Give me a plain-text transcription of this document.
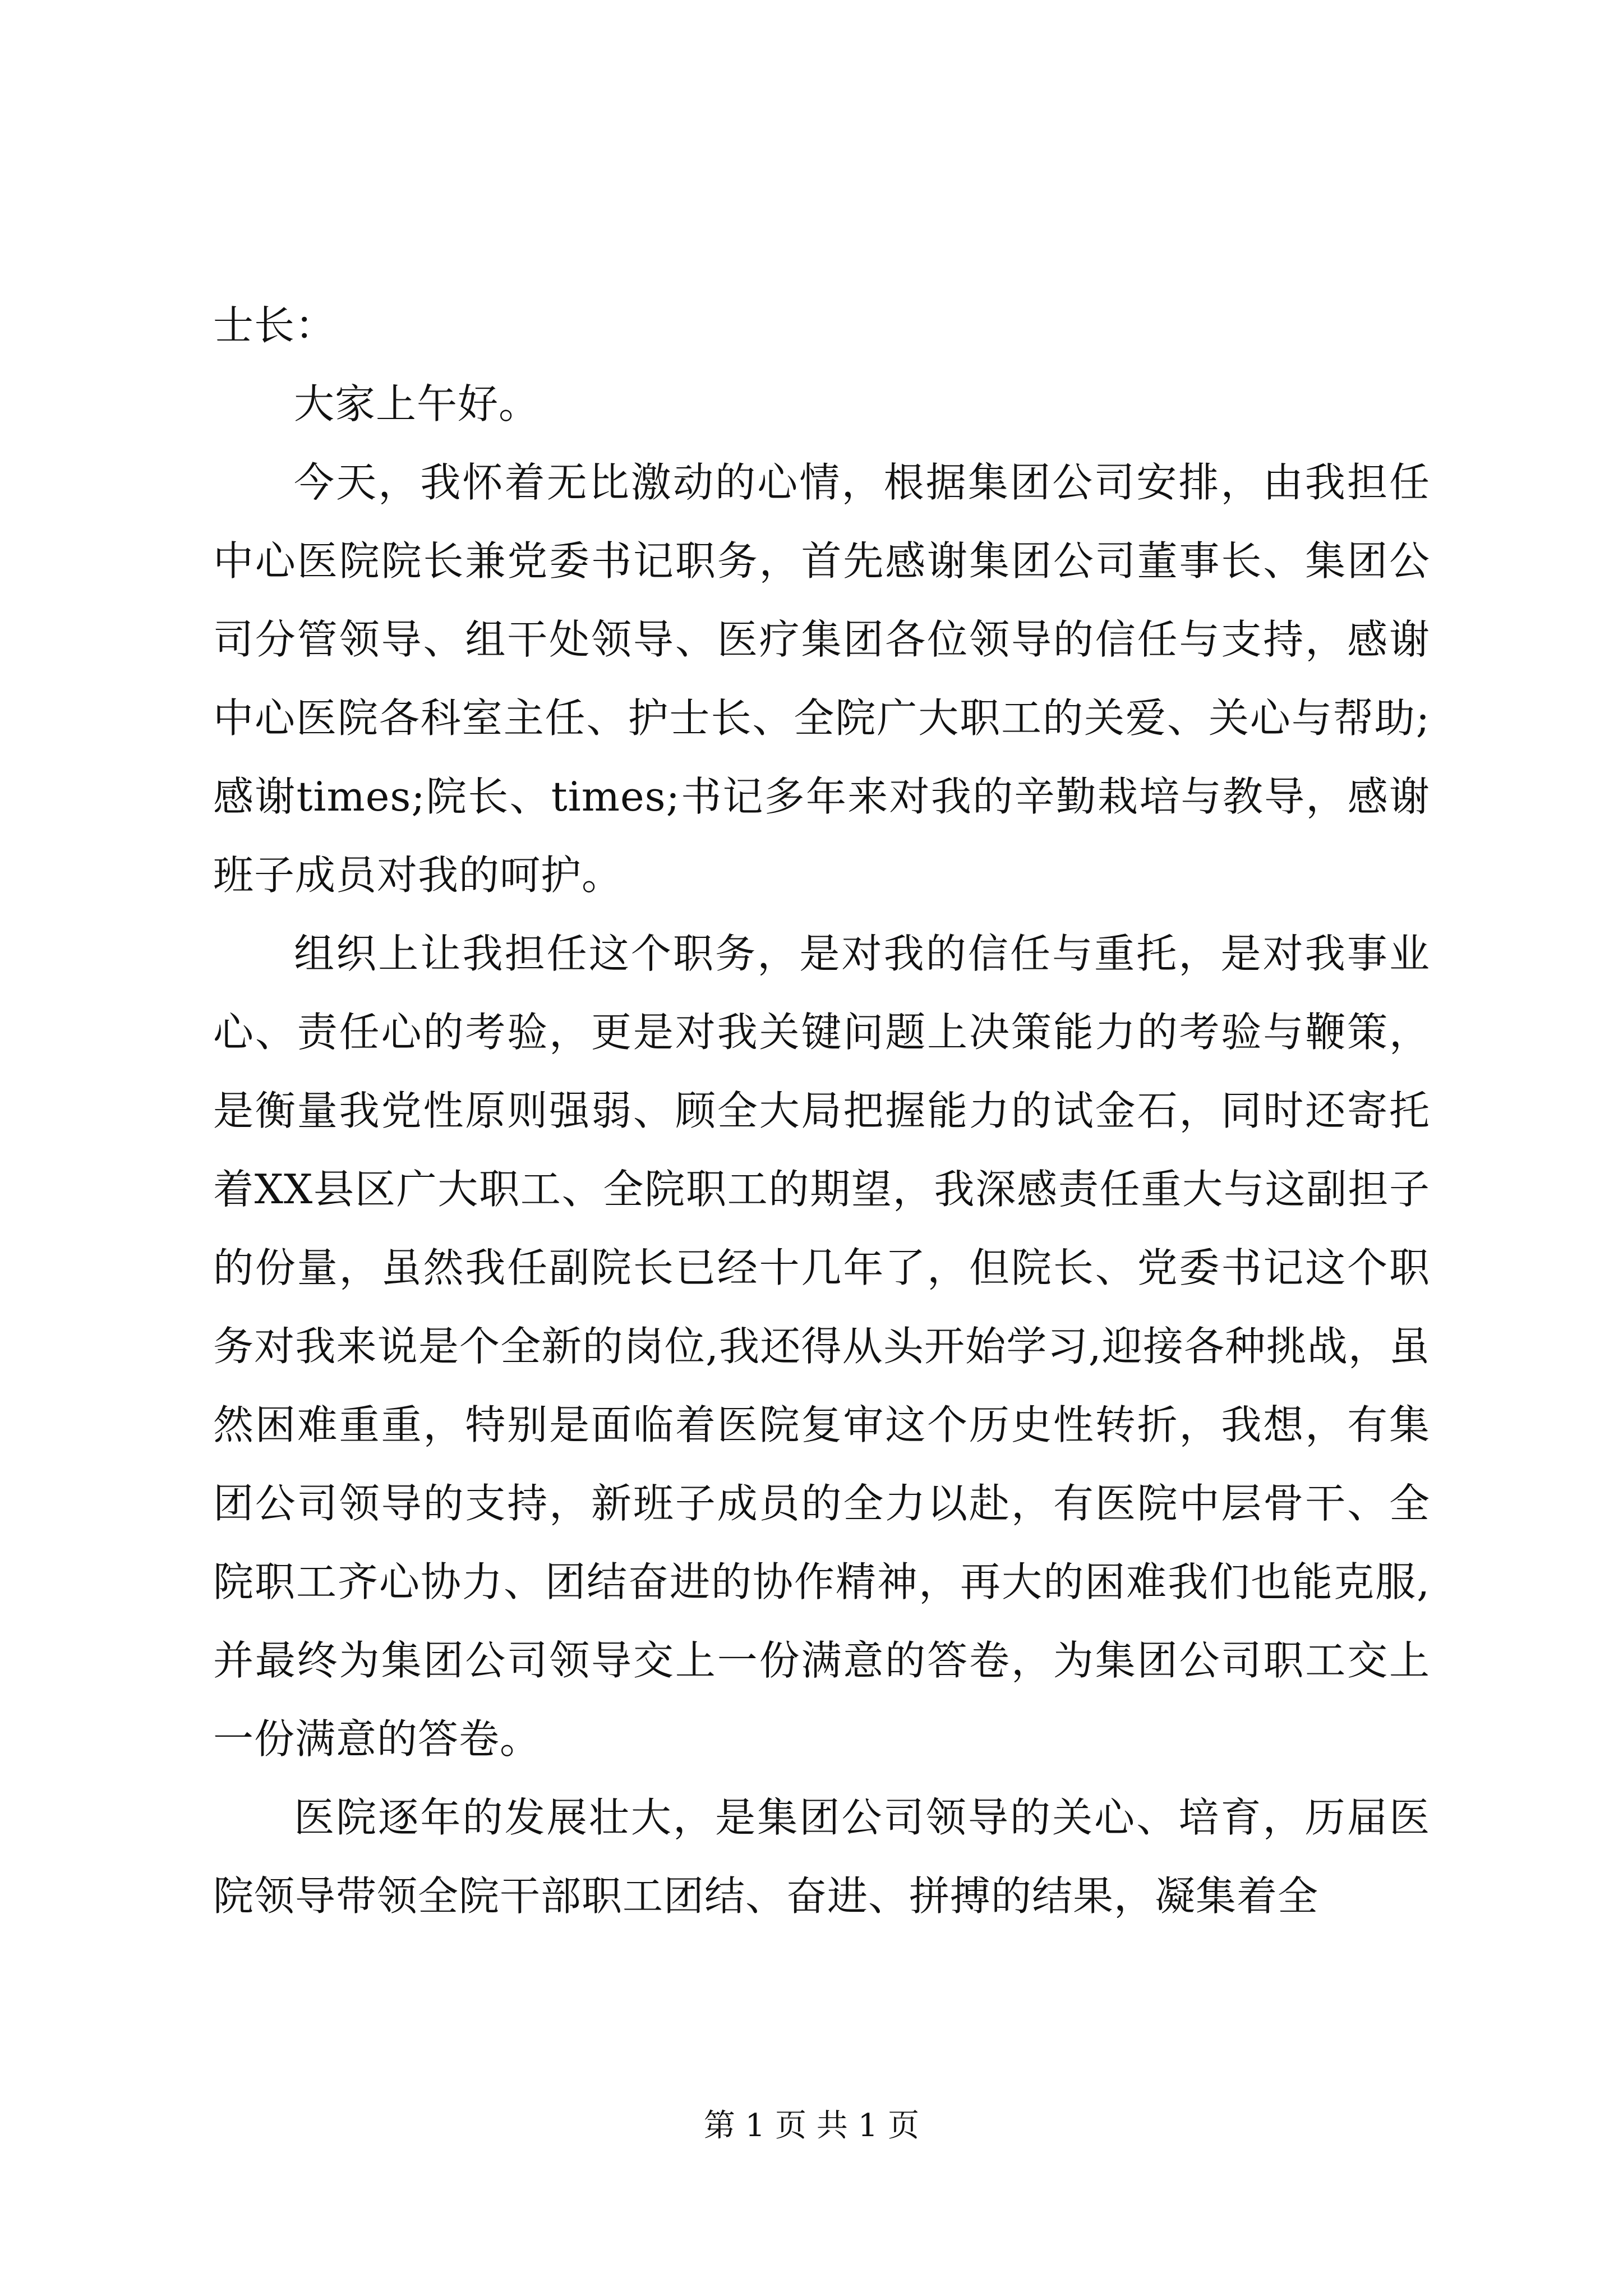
士长：

大家上午好。

今天，我怀着无比激动的心情，根据集团公司安排，由我担任中心医院院长兼党委书记职务，首先感谢集团公司董事长、集团公司分管领导、组干处领导、医疗集团各位领导的信任与支持，感谢中心医院各科室主任、护士长、全院广大职工的关爱、关心与帮助;感谢times;院长、times;书记多年来对我的辛勤栽培与教导，感谢班子成员对我的呵护。

组织上让我担任这个职务，是对我的信任与重托，是对我事业心、责任心的考验，更是对我关键问题上决策能力的考验与鞭策，是衡量我党性原则强弱、顾全大局把握能力的试金石，同时还寄托着XX县区广大职工、全院职工的期望，我深感责任重大与这副担子的份量，虽然我任副院长已经十几年了，但院长、党委书记这个职务对我来说是个全新的岗位,我还得从头开始学习,迎接各种挑战，虽然困难重重，特别是面临着医院复审这个历史性转折，我想，有集团公司领导的支持，新班子成员的全力以赴，有医院中层骨干、全院职工齐心协力、团结奋进的协作精神，再大的困难我们也能克服,并最终为集团公司领导交上一份满意的答卷，为集团公司职工交上一份满意的答卷。

医院逐年的发展壮大，是集团公司领导的关心、培育，历届医院领导带领全院干部职工团结、奋进、拼搏的结果，凝集着全

第 1 页 共 1 页
